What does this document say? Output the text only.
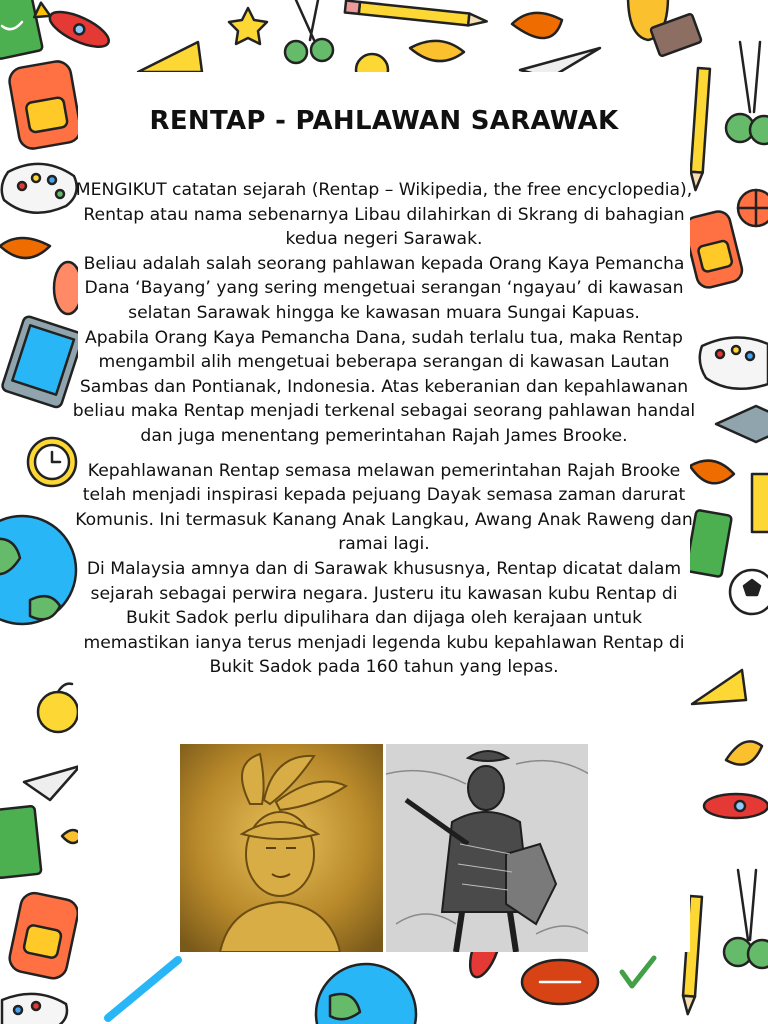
RENTAP - PAHLAWAN SARAWAK

MENGIKUT catatan sejarah (Rentap – Wikipedia, the free encyclopedia), Rentap atau nama sebenarnya Libau dilahirkan di Skrang di bahagian kedua negeri Sarawak.

Beliau adalah salah seorang pahlawan kepada Orang Kaya Pemancha Dana ‘Bayang’ yang sering mengetuai serangan ‘ngayau’ di kawasan selatan Sarawak hingga ke kawasan muara Sungai Kapuas.

Apabila Orang Kaya Pemancha Dana, sudah terlalu tua, maka Rentap mengambil alih mengetuai beberapa serangan di kawasan Lautan Sambas dan Pontianak, Indonesia. Atas keberanian dan kepahlawanan beliau maka Rentap menjadi terkenal sebagai seorang pahlawan handal dan juga menentang pemerintahan Rajah James Brooke.

Kepahlawanan Rentap semasa melawan pemerintahan Rajah Brooke telah menjadi inspirasi kepada pejuang Dayak semasa zaman darurat Komunis. Ini termasuk Kanang Anak Langkau, Awang Anak Raweng dan ramai lagi.

Di Malaysia amnya dan di Sarawak khususnya, Rentap dicatat dalam sejarah sebagai perwira negara. Justeru itu kawasan kubu Rentap di Bukit Sadok perlu dipulihara dan dijaga oleh kerajaan untuk memastikan ianya terus menjadi legenda kubu kepahlawan Rentap di Bukit Sadok pada 160 tahun yang lepas.
